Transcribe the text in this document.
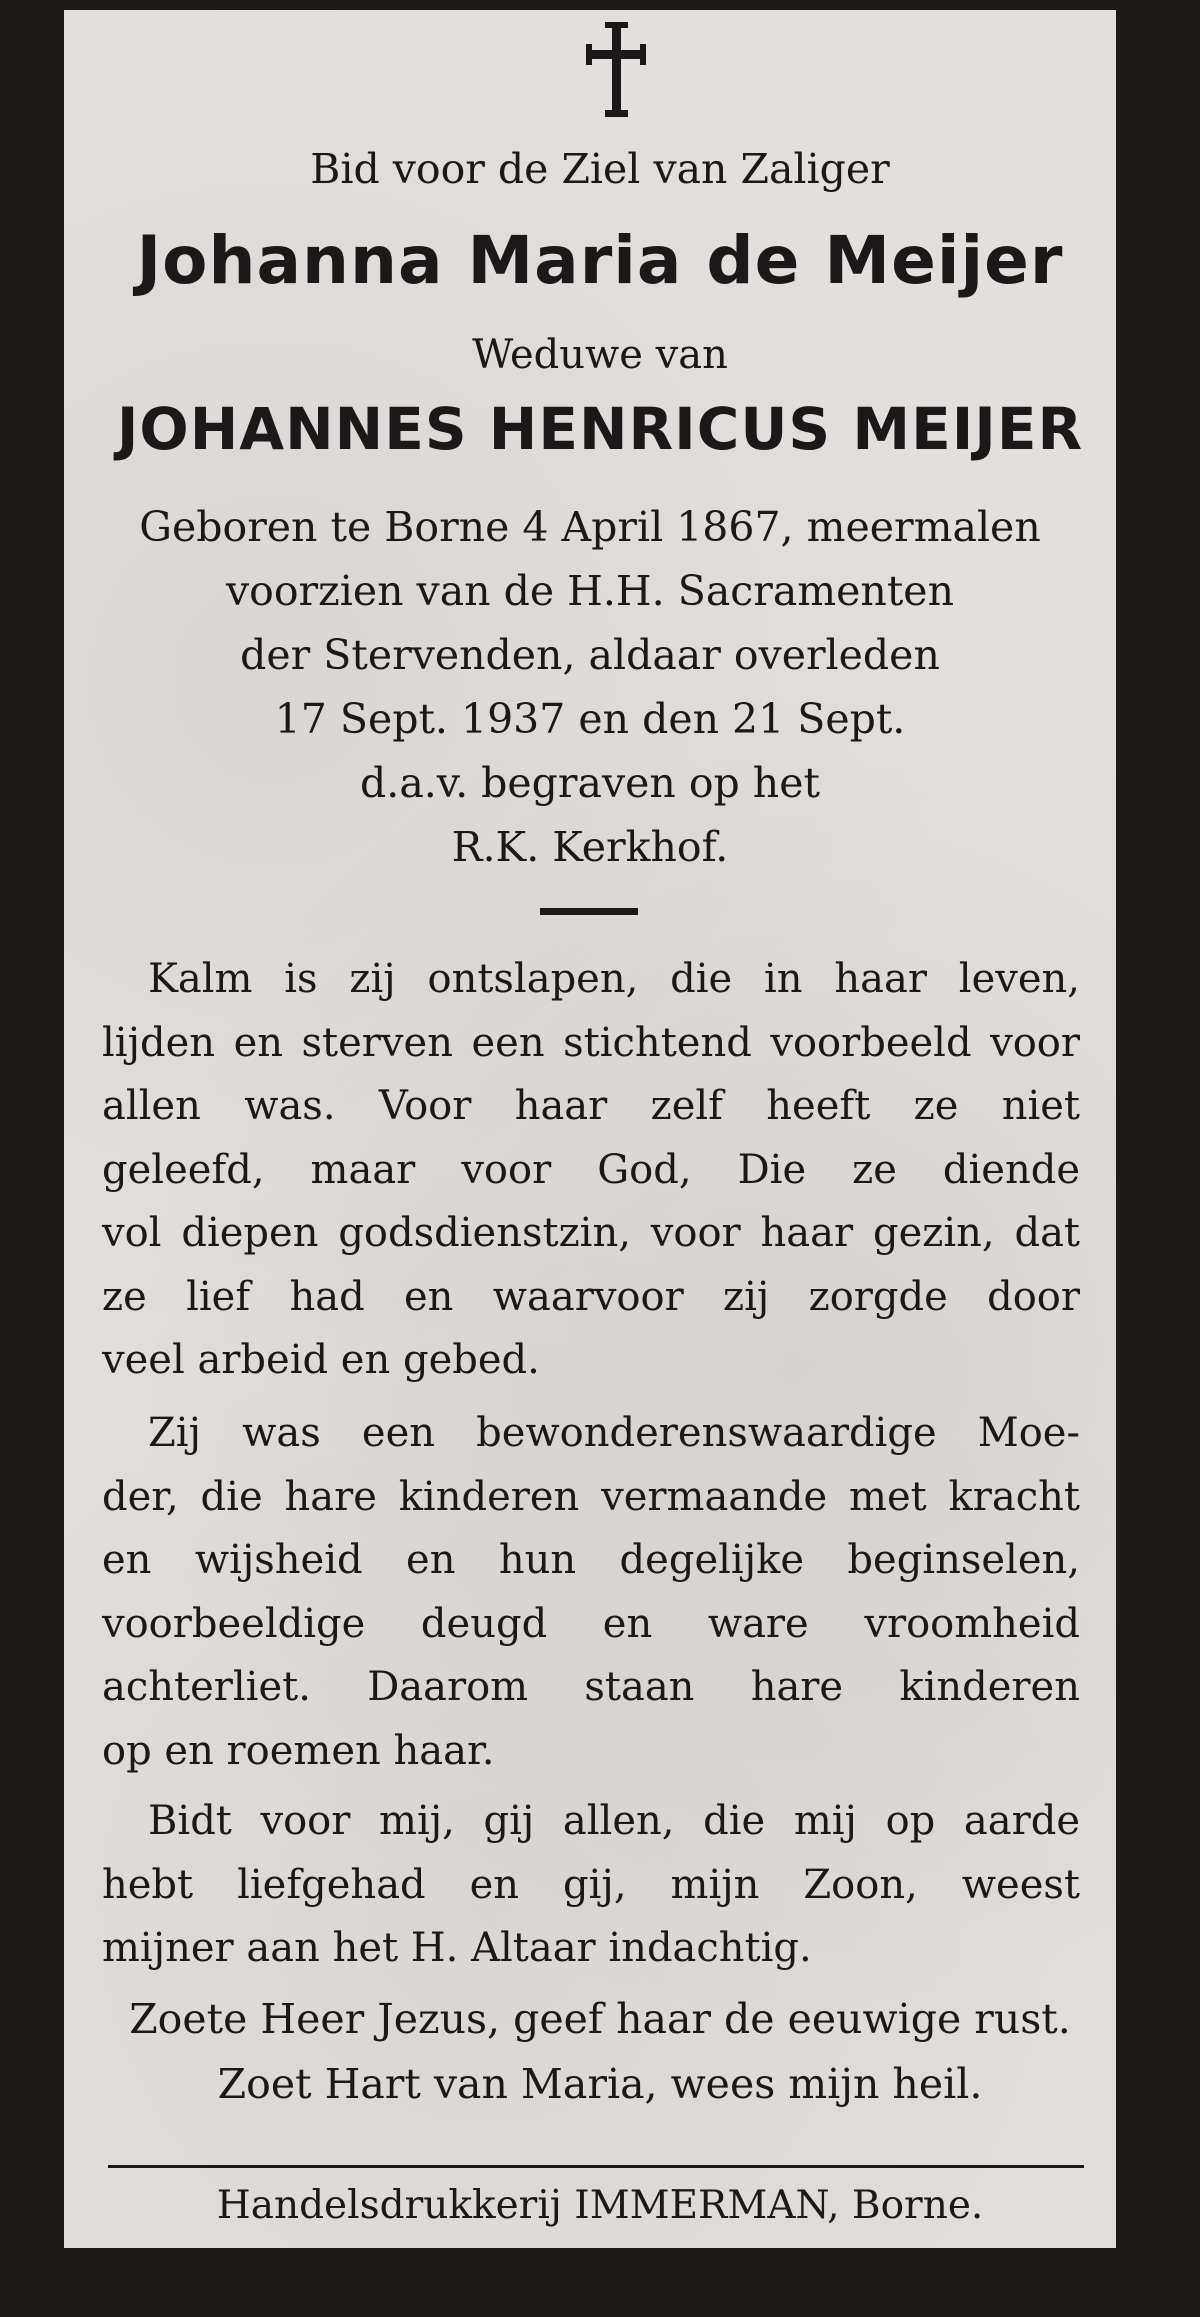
Bid voor de Ziel van Zaliger
Johanna Maria de Meijer
Weduwe van
JOHANNES HENRICUS MEIJER
Geboren te Borne 4 April 1867, meermalen
voorzien van de H.H. Sacramenten
der Stervenden, aldaar overleden
17 Sept. 1937 en den 21 Sept.
d.a.v. begraven op het
R.K. Kerkhof.
Kalm is zij ontslapen, die in haar leven,
lijden en sterven een stichtend voorbeeld voor
allen was. Voor haar zelf heeft ze niet
geleefd, maar voor God, Die ze diende
vol diepen godsdienstzin, voor haar gezin, dat
ze lief had en waarvoor zij zorgde door
veel arbeid en gebed.
Zij was een bewonderenswaardige Moe-
der, die hare kinderen vermaande met kracht
en wijsheid en hun degelijke beginselen,
voorbeeldige deugd en ware vroomheid
achterliet. Daarom staan hare kinderen
op en roemen haar.
Bidt voor mij, gij allen, die mij op aarde
hebt liefgehad en gij, mijn Zoon, weest
mijner aan het H. Altaar indachtig.
Zoete Heer Jezus, geef haar de eeuwige rust.
Zoet Hart van Maria, wees mijn heil.
Handelsdrukkerij IMMERMAN, Borne.
